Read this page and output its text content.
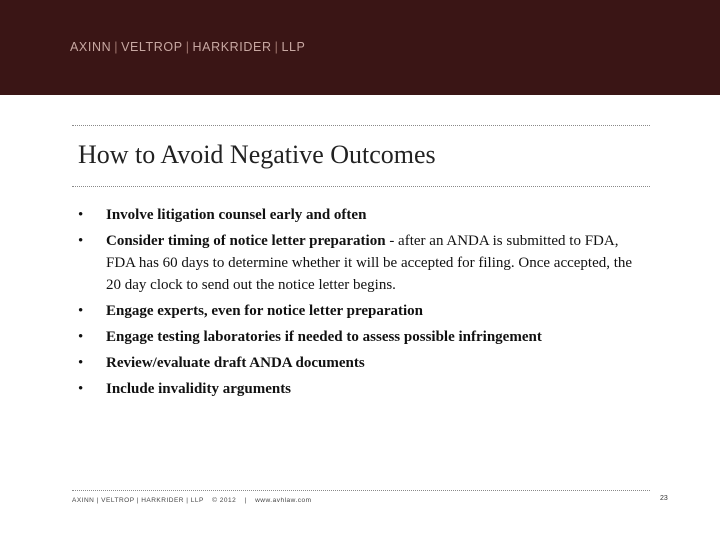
AXINN | VELTROP | HARKRIDER | LLP
How to Avoid Negative Outcomes
•	Involve litigation counsel early and often
•	Consider timing of notice letter preparation - after an ANDA is submitted to FDA, FDA has 60 days to determine whether it will be accepted for filing. Once accepted, the 20 day clock to send out the notice letter begins.
•	Engage experts, even for notice letter preparation
•	Engage testing laboratories if needed to assess possible infringement
•	Review/evaluate draft ANDA documents
•	Include invalidity arguments
AXINN | VELTROP | HARKRIDER | LLP © 2012 | www.avhlaw.com	23
